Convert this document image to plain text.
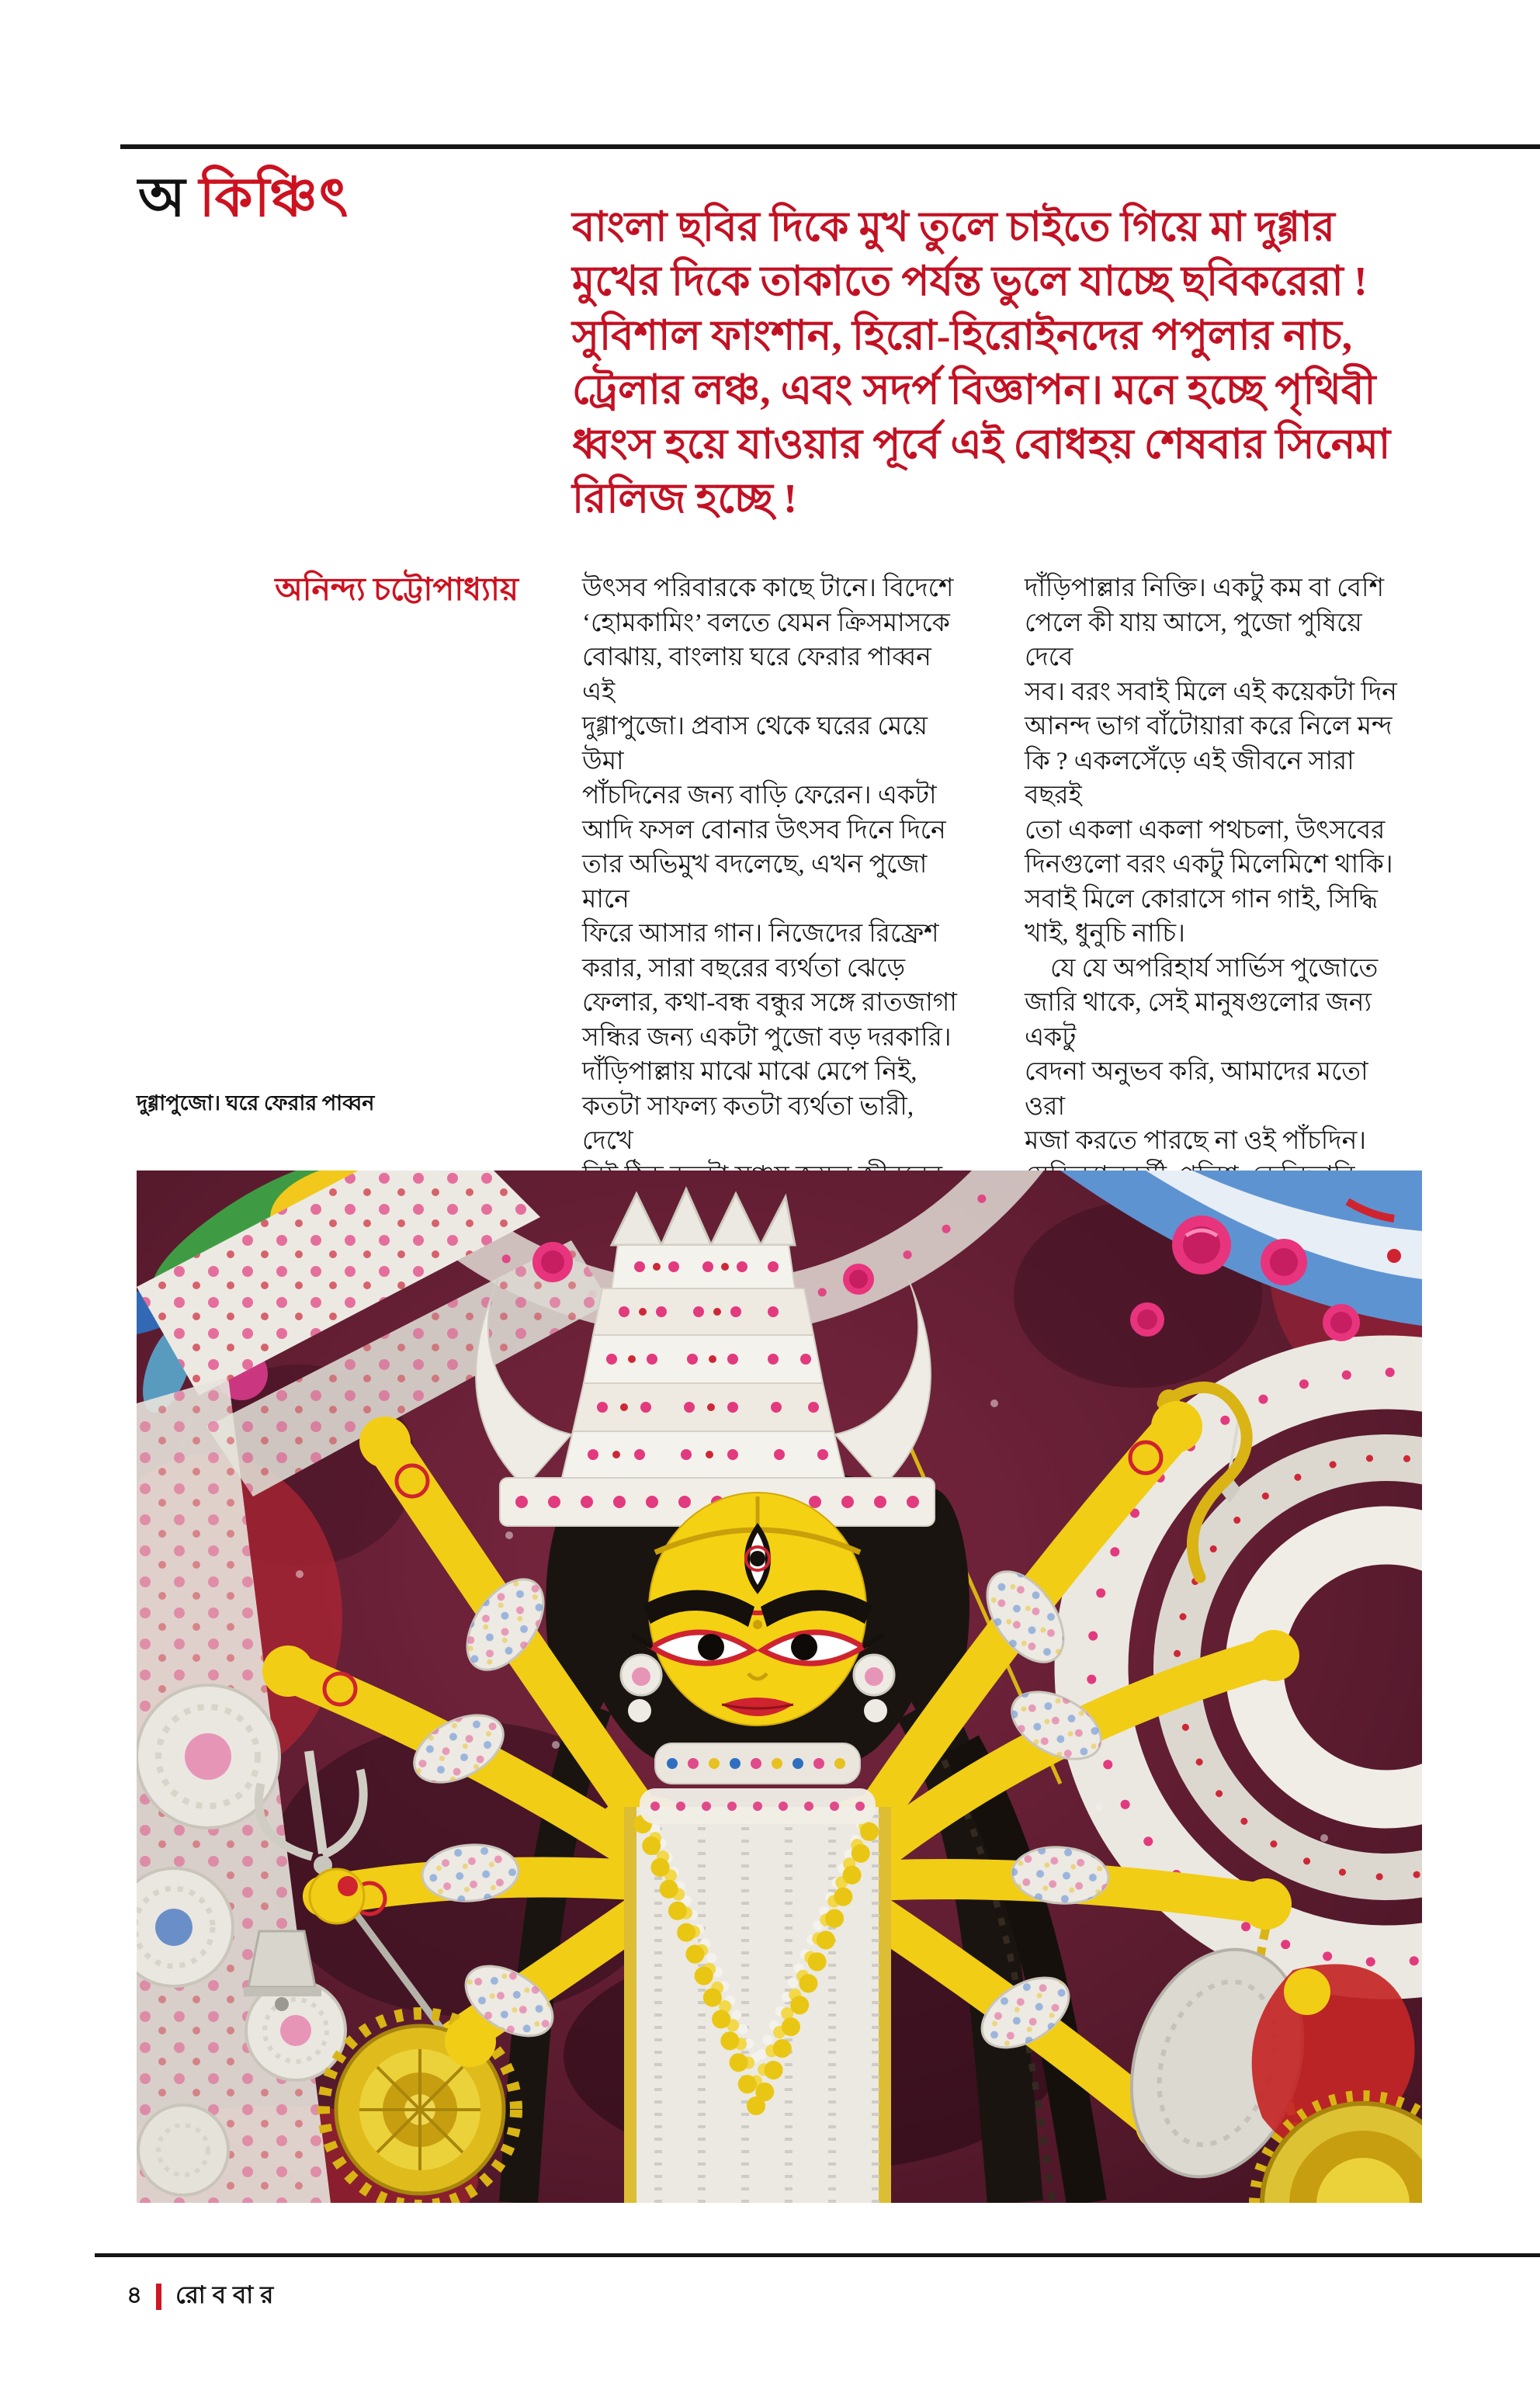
অ কিঞ্চিৎ	বাংলা ছবির দিকে মুখ তুলে চাইতে গিয়ে মা দুগ্গার
মুখের দিকে তাকাতে পর্যন্ত ভুলে যাচ্ছে ছবিকরেরা !
সুবিশাল ফাংশান, হিরো-হিরোইনদের পপুলার নাচ,
ট্রেলার লঞ্চ, এবং সদর্প বিজ্ঞাপন। মনে হচ্ছে পৃথিবী
ধ্বংস হয়ে যাওয়ার পূর্বে এই বোধহয় শেষবার সিনেমা
রিলিজ হচ্ছে !
অনিন্দ্য চট্টোপাধ্যায় উৎসব পরিবারকে কাছে টানে। বিদেশে
‘হোমকামিং’ বলতে যেমন ক্রিসমাসকে
বোঝায়, বাংলায় ঘরে ফেরার পাব্বন এই
দুগ্গাপুজো। প্রবাস থেকে ঘরের মেয়ে উমা
পাঁচদিনের জন্য বাড়ি ফেরেন। একটা
আদি ফসল বোনার উৎসব দিনে দিনে
তার অভিমুখ বদলেছে, এখন পুজো মানে
ফিরে আসার গান। নিজেদের রিফ্রেশ
করার, সারা বছরের ব্যর্থতা ঝেড়ে
ফেলার, কথা-বন্ধ বন্ধুর সঙ্গে রাতজাগা
সন্ধির জন্য একটা পুজো বড় দরকারি।
দাঁড়িপাল্লায় মাঝে মাঝে মেপে নিই,
কতটা সাফল্য কতটা ব্যর্থতা ভারী, দেখে
দাঁড়িপাল্লার নিক্তি। একটু কম বা বেশি
পেলে কী যায় আসে, পুজো পুষিয়ে দেবে
সব। বরং সবাই মিলে এই কয়েকটা দিন
আনন্দ ভাগ বাঁটোয়ারা করে নিলে মন্দ
কি ? একলসেঁড়ে এই জীবনে সারা বছরই
তো একলা একলা পথচলা, উৎসবের
দিনগুলো বরং একটু মিলেমিশে থাকি।
সবাই মিলে কোরাসে গান গাই, সিদ্ধি
খাই, ধুনুচি নাচি।
 যে যে অপরিহার্য সার্ভিস পুজোতে
জারি থাকে, সেই মানুষগুলোর জন্য একটু
বেদনা অনুভব করি, আমাদের মতো ওরা
মজা করতে পারছে না ওই পাঁচদিন।
দুগ্গাপুজো। ঘরে ফেরার পাব্বন
৪ রোববার
